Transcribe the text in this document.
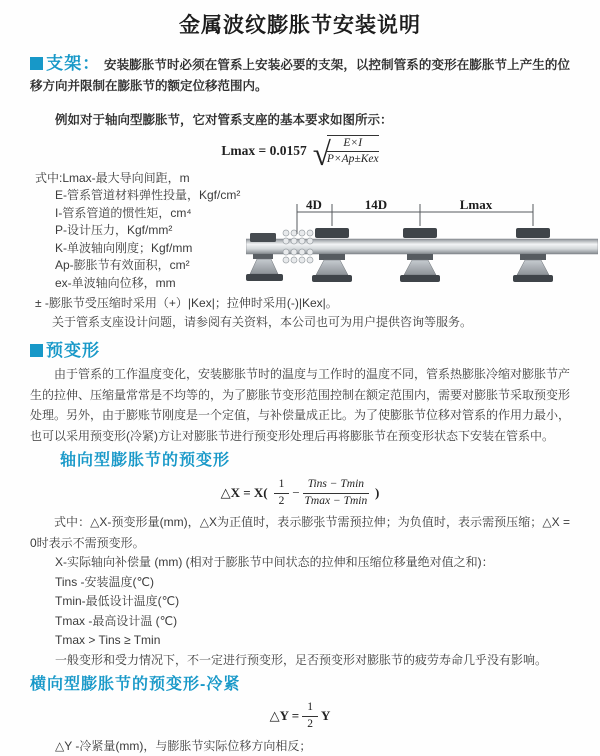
金属波纹膨胀节安装说明

支架： 安装膨胀节时必须在管系上安装必要的支架，以控制管系的变形在膨胀节上产生的位移方向并限制在膨胀节的额定位移范围内。

例如对于轴向型膨胀节，它对管系支座的基本要求如图所示：

Lmax = 0.0157 √
$\frac{E\times I}{\text{P×Ap±Kex}}$
式中:Lmax-最大导向间距，m
E-管系管道材料弹性投量，Kgf/cm²
I-管系管道的惯性矩，cm⁴
P-设计压力，Kgf/mm²
K-单波轴向刚度；Kgf/mm
Ap-膨胀节有效面积，cm²
ex-单波轴向位移，mm
± -膨胀节受压缩时采用（+）|Kex|；拉伸时采用(-)|Kex|。
关于管系支座设计问题，请参阅有关资料，本公司也可为用户提供咨询等服务。
4D	14D	Lmax
预变形

由于管系的工作温度变化，安装膨胀节时的温度与工作时的温度不同，管系热膨胀冷缩对膨胀节产生的拉伸、压缩量常常是不均等的，为了膨胀节变形范围控制在额定范围内，需要对膨胀节采取预变形处理。另外，由于膨账节刚度是一个定值，与补偿量成正比。为了使膨胀节位移对管系的作用力最小，也可以采用预变形(冷紧)方让对膨胀节进行预变形处理后再将膨胀节在预变形状态下安装在管系中。

轴向型膨胀节的预变形
△X = $X( \frac{1}{2} - \frac{\text{Tins − Tmin}}{Tmax - Tmin}$ )

式中：△X-预变形量(mm)，△X为正值时，表示膨张节需预拉伸；为负值时，表示需预压缩；△X = 0时表示不需预变形。

X-实际轴向补偿量 (mm) (相对于膨胀节中间状态的拉伸和压缩位移量绝对值之和)：
Tins -安装温度(℃)
Tmin-最低设计温度(℃)
Tmax -最高设计温 (℃)
Tmax > Tins ≥ Tmin
一般变形和受力情况下，不一定进行预变形，足否预变形对膨胀节的疲劳寿命几乎没有影响。
横向型膨胀节的预变形-冷紧
△Y = $\frac{1}{2}$ Y
△Y -冷紧量(mm)，与膨胀节实际位移方向相反；
